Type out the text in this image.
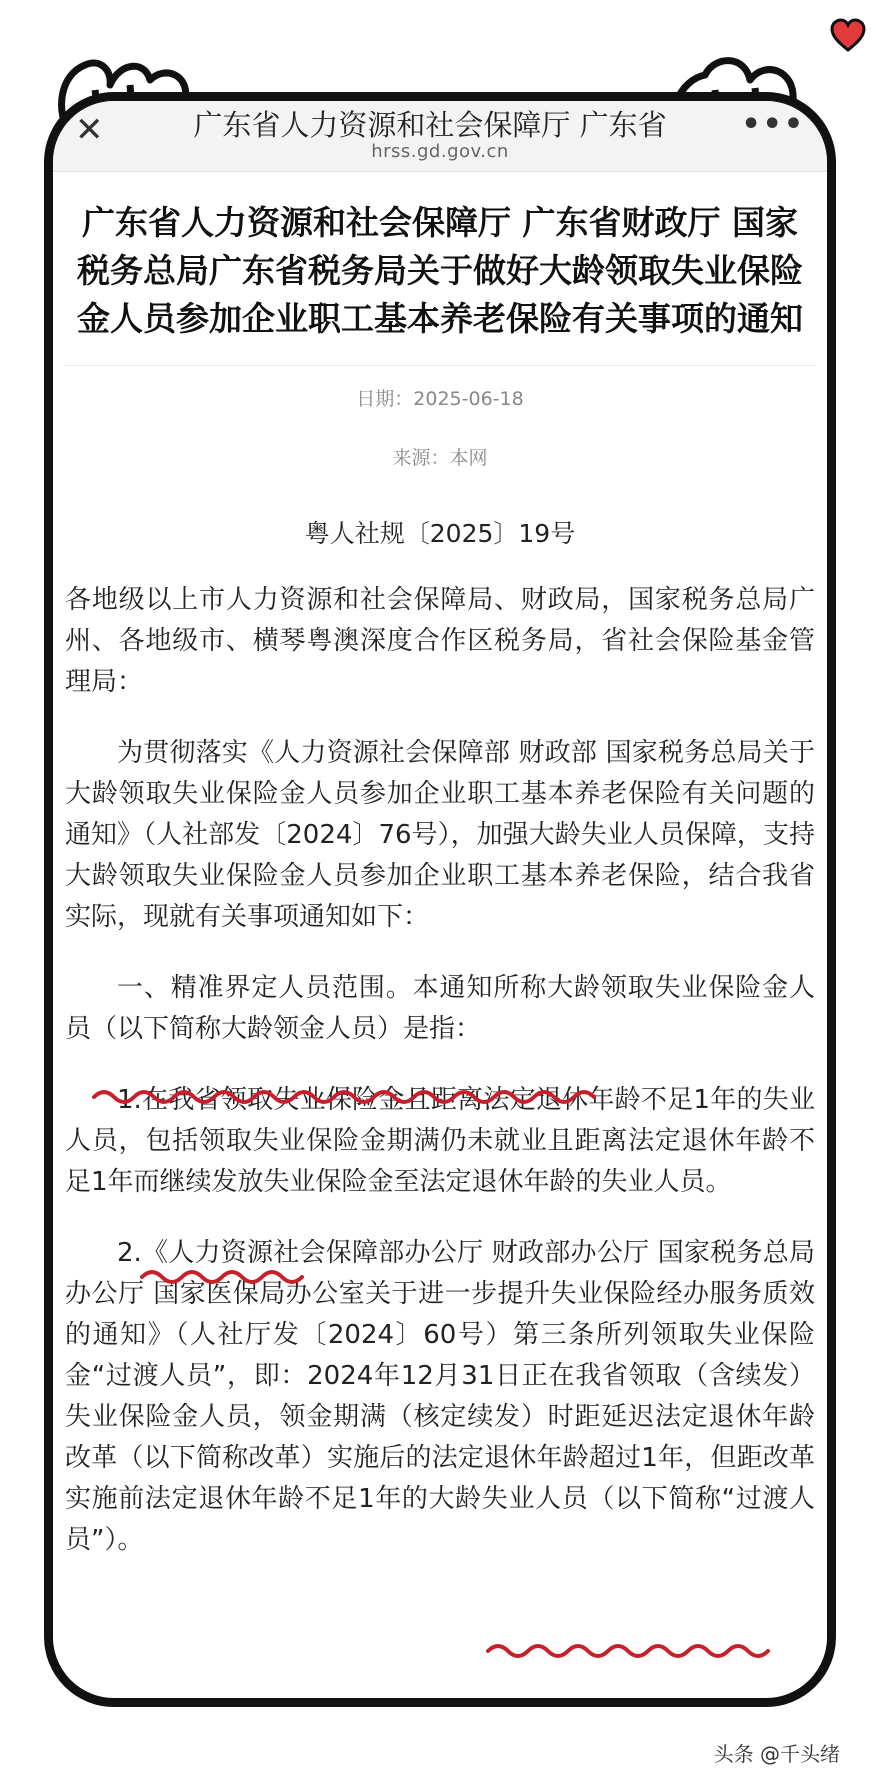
✕	广东省人力资源和社会保障厅 广东省
hrss.gd.gov.cn
•••
广东省人力资源和社会保障厅 广东省财政厅 国家税务总局广东省税务局关于做好大龄领取失业保险金人员参加企业职工基本养老保险有关事项的通知
日期：2025-06-18
来源：本网
粤人社规〔2025〕19号
各地级以上市人力资源和社会保障局、财政局，国家税务总局广州、各地级市、横琴粤澳深度合作区税务局，省社会保险基金管理局：
为贯彻落实《人力资源社会保障部 财政部 国家税务总局关于大龄领取失业保险金人员参加企业职工基本养老保险有关问题的通知》（人社部发〔2024〕76号），加强大龄失业人员保障，支持大龄领取失业保险金人员参加企业职工基本养老保险，结合我省实际，现就有关事项通知如下：
一、精准界定人员范围。本通知所称大龄领取失业保险金人员（以下简称大龄领金人员）是指：
1.在我省领取失业保险金且距离法定退休年龄不足1年的失业人员，包括领取失业保险金期满仍未就业且距离法定退休年龄不足1年而继续发放失业保险金至法定退休年龄的失业人员。
2.《人力资源社会保障部办公厅 财政部办公厅 国家税务总局办公厅 国家医保局办公室关于进一步提升失业保险经办服务质效的通知》（人社厅发〔2024〕60号）第三条所列领取失业保险金“过渡人员”，即：2024年12月31日正在我省领取（含续发）失业保险金人员，领金期满（核定续发）时距延迟法定退休年龄改革（以下简称改革）实施后的法定退休年龄超过1年，但距改革实施前法定退休年龄不足1年的大龄失业人员（以下简称“过渡人员”）。
头条 @千头绪
